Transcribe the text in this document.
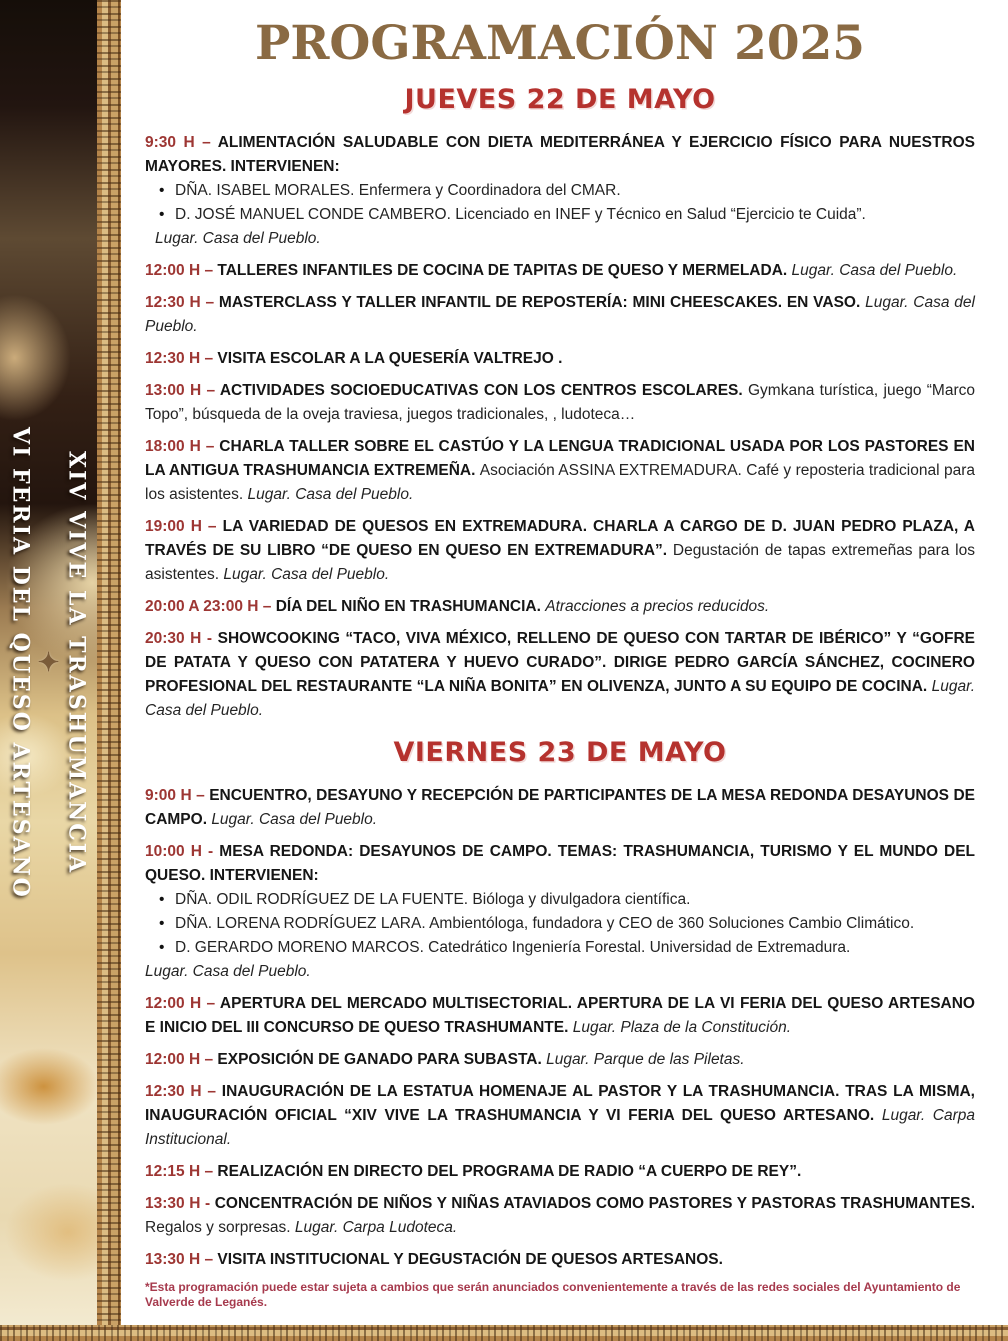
XIV VIVE LA TRASHUMANCIA
✦
VI FERIA DEL QUESO ARTESANO
PROGRAMACIÓN 2025
JUEVES 22 DE MAYO

9:30 H – ALIMENTACIÓN SALUDABLE CON DIETA MEDITERRÁNEA Y EJERCICIO FÍSICO PARA NUESTROS MAYORES. INTERVIENEN:

• DÑA. ISABEL MORALES. Enfermera y Coordinadora del CMAR.
• D. JOSÉ MANUEL CONDE CAMBERO. Licenciado en INEF y Técnico en Salud “Ejercicio te Cuida”.

Lugar. Casa del Pueblo.

12:00 H – TALLERES INFANTILES DE COCINA DE TAPITAS DE QUESO Y MERMELADA. Lugar. Casa del Pueblo.

12:30 H – MASTERCLASS Y TALLER INFANTIL DE REPOSTERÍA: MINI CHEESCAKES. EN VASO. Lugar. Casa del Pueblo.

12:30 H – VISITA ESCOLAR A LA QUESERÍA VALTREJO .

13:00 H – ACTIVIDADES SOCIOEDUCATIVAS CON LOS CENTROS ESCOLARES. Gymkana turística, juego “Marco Topo”, búsqueda de la oveja traviesa, juegos tradicionales, , ludoteca…

18:00 H – CHARLA TALLER SOBRE EL CASTÚO Y LA LENGUA TRADICIONAL USADA POR LOS PASTORES EN LA ANTIGUA TRASHUMANCIA EXTREMEÑA. Asociación ASSINA EXTREMADURA. Café y reposteria tradicional para los asistentes. Lugar. Casa del Pueblo.

19:00 H – LA VARIEDAD DE QUESOS EN EXTREMADURA. CHARLA A CARGO DE D. JUAN PEDRO PLAZA, A TRAVÉS DE SU LIBRO “DE QUESO EN QUESO EN EXTREMADURA”. Degustación de tapas extremeñas para los asistentes. Lugar. Casa del Pueblo.

20:00 A 23:00 H – DÍA DEL NIÑO EN TRASHUMANCIA. Atracciones a precios reducidos.

20:30 H - SHOWCOOKING “TACO, VIVA MÉXICO, RELLENO DE QUESO CON TARTAR DE IBÉRICO” Y “GOFRE DE PATATA Y QUESO CON PATATERA Y HUEVO CURADO”. DIRIGE PEDRO GARCÍA SÁNCHEZ, COCINERO PROFESIONAL DEL RESTAURANTE “LA NIÑA BONITA” EN OLIVENZA, JUNTO A SU EQUIPO DE COCINA. Lugar. Casa del Pueblo.

VIERNES 23 DE MAYO

9:00 H – ENCUENTRO, DESAYUNO Y RECEPCIÓN DE PARTICIPANTES DE LA MESA REDONDA DESAYUNOS DE CAMPO. Lugar. Casa del Pueblo.

10:00 H - MESA REDONDA: DESAYUNOS DE CAMPO. TEMAS: TRASHUMANCIA, TURISMO Y EL MUNDO DEL QUESO. INTERVIENEN:

• DÑA. ODIL RODRÍGUEZ DE LA FUENTE. Bióloga y divulgadora científica.
• DÑA. LORENA RODRÍGUEZ LARA. Ambientóloga, fundadora y CEO de 360 Soluciones Cambio Climático.
• D. GERARDO MORENO MARCOS. Catedrático Ingeniería Forestal. Universidad de Extremadura.

Lugar. Casa del Pueblo.

12:00 H – APERTURA DEL MERCADO MULTISECTORIAL. APERTURA DE LA VI FERIA DEL QUESO ARTESANO E INICIO DEL III CONCURSO DE QUESO TRASHUMANTE. Lugar. Plaza de la Constitución.

12:00 H – EXPOSICIÓN DE GANADO PARA SUBASTA. Lugar. Parque de las Piletas.

12:30 H – INAUGURACIÓN DE LA ESTATUA HOMENAJE AL PASTOR Y LA TRASHUMANCIA. TRAS LA MISMA, INAUGURACIÓN OFICIAL “XIV VIVE LA TRASHUMANCIA Y VI FERIA DEL QUESO ARTESANO. Lugar. Carpa Institucional.

12:15 H – REALIZACIÓN EN DIRECTO DEL PROGRAMA DE RADIO “A CUERPO DE REY”.

13:30 H - CONCENTRACIÓN DE NIÑOS Y NIÑAS ATAVIADOS COMO PASTORES Y PASTORAS TRASHUMANTES. Regalos y sorpresas. Lugar. Carpa Ludoteca.

13:30 H – VISITA INSTITUCIONAL Y DEGUSTACIÓN DE QUESOS ARTESANOS.

*Esta programación puede estar sujeta a cambios que serán anunciados convenientemente a través de las redes sociales del Ayuntamiento de Valverde de Leganés.
